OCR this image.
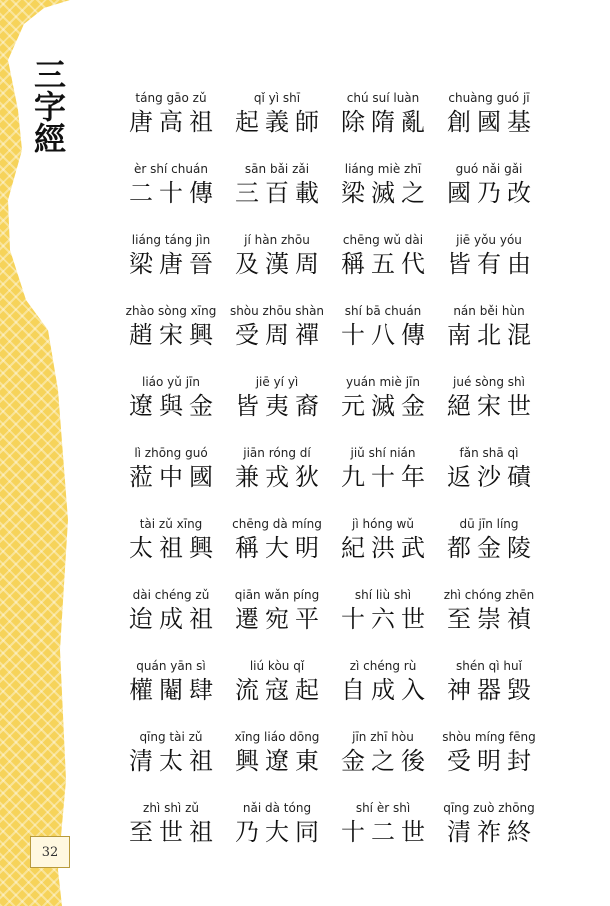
三字經
32
táng gāo zǔ
唐高祖
qǐ yì shī
起義師
chú suí luàn
除隋亂
chuàng guó jī
創國基
èr shí chuán
二十傳
sān bǎi zǎi
三百載
liáng miè zhī
梁滅之
guó nǎi gǎi
國乃改
liáng táng jìn
梁唐晉
jí hàn zhōu
及漢周
chēng wǔ dài
稱五代
jiē yǒu yóu
皆有由
zhào sòng xīng
趙宋興
shòu zhōu shàn
受周禪
shí bā chuán
十八傳
nán běi hùn
南北混
liáo yǔ jīn
遼與金
jiē yí yì
皆夷裔
yuán miè jīn
元滅金
jué sòng shì
絕宋世
lì zhōng guó
蒞中國
jiān róng dí
兼戎狄
jiǔ shí nián
九十年
fǎn shā qì
返沙磧
tài zǔ xīng
太祖興
chēng dà míng
稱大明
jì hóng wǔ
紀洪武
dū jīn líng
都金陵
dài chéng zǔ
迨成祖
qiān wǎn píng
遷宛平
shí liù shì
十六世
zhì chóng zhēn
至崇禎
quán yān sì
權閹肆
liú kòu qǐ
流寇起
zì chéng rù
自成入
shén qì huǐ
神器毀
qīng tài zǔ
清太祖
xīng liáo dōng
興遼東
jīn zhī hòu
金之後
shòu míng fēng
受明封
zhì shì zǔ
至世祖
nǎi dà tóng
乃大同
shí èr shì
十二世
qīng zuò zhōng
清祚終
